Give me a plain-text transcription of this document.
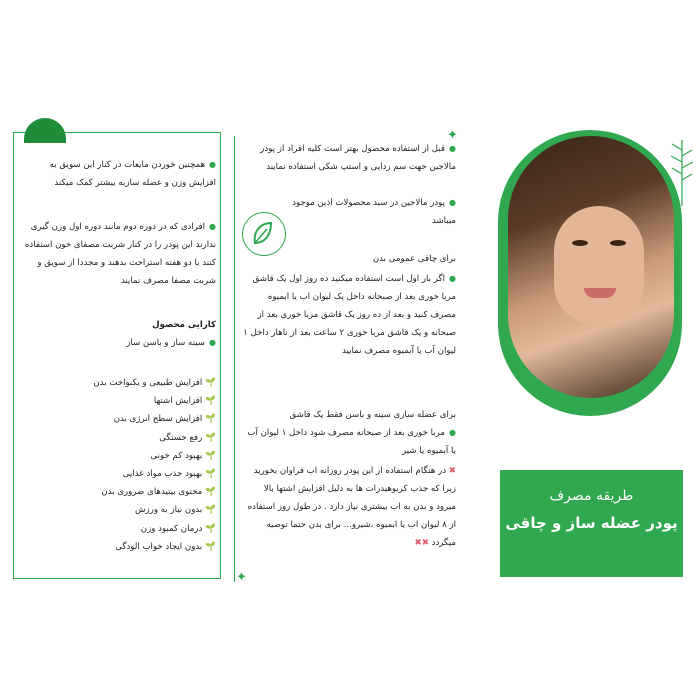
● همچنین خوردن مایعات در کنار این سویق به افزایش وزن و عضله سازبه بیشتر کمک میکند
● افرادی که در دوره دوم مانند دوره اول وزن گیری ندارند این پودر را در کنار شربت مصفای خون استفاده کنند با دو هفته استراحت بدهند و مجددا از سویق و شربت مصفا مصرف نمایند
کارایی محصول
● سینه ساز و باسن ساز
🌱افزایش طبیعی و یکنواخت بدن
🌱افزایش اشتها
🌱افزایش سطح انرژی بدن
🌱رفع خستگی
🌱بهبود کم خونی
🌱بهبود جذب مواد غذایی
🌱محتوی بیتیدهای ضروری بدن
🌱بدون نیاز به ورزش
🌱درمان کمبود وزن
🌱بدون ایجاد خواب الودگی
✦
✦
● قبل از استفاده محصول بهتر است کلیه افراد از پودر مالاجین جهت سم زدایی و استپ شکی استفاده نمایند
● پودر مالاجین در سبد محصولات اذین موجود میباشد
برای چاقی عمومی بدن
● اگر بار اول است استفاده میکنید ده روز اول یک قاشق مربا خوری بعد از صبحانه داخل یک لیوان اب یا ابمیوه مصرف کنید و بعد از ده روز یک قاشق مربا خوری بعد از صبحانه و یک قاشق مربا خوری ۲ ساعت بعد از ناهار داخل ۱ لیوان آب یا آبمیوه مصرف نمایید
برای عضله سازی سینه و باسن فقط یک قاشق
● مربا خوری بعد از صبحانه مصرف شود داخل ۱ لیوان آب یا آبمیوه یا شیر
✖ در هنگام استفاده از این پودر روزانه اب فراوان بخورید زیرا که جذب کربوهیدرات ها به دلیل افزایش اشتها بالا میرود و بدن به اب بیشتری نیاز دارد . در طول روز استفاده از ۸ لیوان اب یا ابمیوه ،شیرو... برای بدن حتما توصیه میگردد ✖✖
طریقه مصرف
پودر عضله ساز و چاقی
